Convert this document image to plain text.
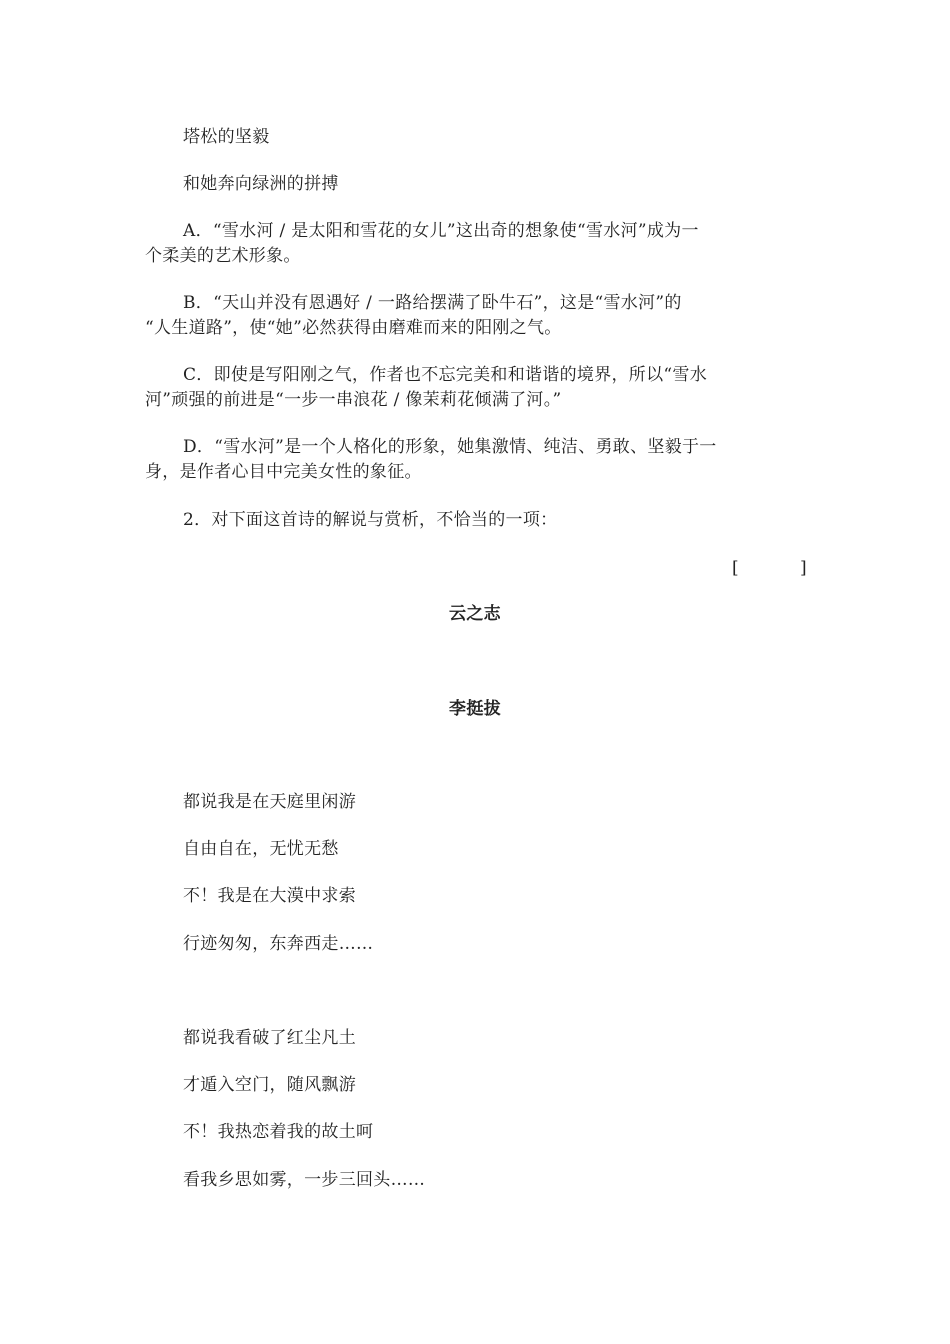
塔松的坚毅
和她奔向绿洲的拼搏
A．“雪水河 / 是太阳和雪花的女儿”这出奇的想象使“雪水河”成为一
个柔美的艺术形象。
B．“天山并没有恩遇好 / 一路给摆满了卧牛石”，这是“雪水河”的
“人生道路”，使“她”必然获得由磨难而来的阳刚之气。
C．即使是写阳刚之气，作者也不忘完美和和谐谐的境界，所以“雪水
河”顽强的前进是“一步一串浪花 / 像茉莉花倾满了河。”
D．“雪水河”是一个人格化的形象，她集激情、纯洁、勇敢、坚毅于一
身，是作者心目中完美女性的象征。
2．对下面这首诗的解说与赏析，不恰当的一项：
[	]
云之志
李挺拔
都说我是在天庭里闲游
自由自在，无忧无愁
不！我是在大漠中求索
行迹匆匆，东奔西走……
都说我看破了红尘凡土
才遁入空门，随风飘游
不！我热恋着我的故土呵
看我乡思如雾，一步三回头……
